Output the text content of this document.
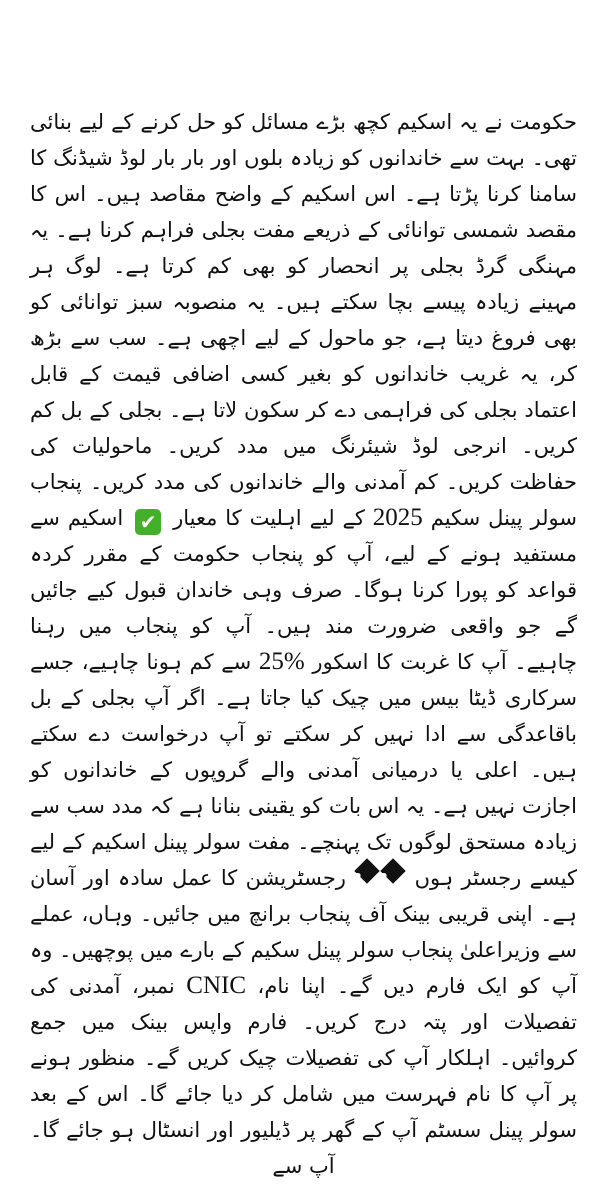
حکومت نے یہ اسکیم کچھ بڑے مسائل کو حل کرنے کے لیے بنائی تھی۔ بہت سے خاندانوں کو زیادہ بلوں اور بار بار لوڈ شیڈنگ کا سامنا کرنا پڑتا ہے۔ اس اسکیم کے واضح مقاصد ہیں۔ اس کا مقصد شمسی توانائی کے ذریعے مفت بجلی فراہم کرنا ہے۔ یہ مہنگی گرڈ بجلی پر انحصار کو بھی کم کرتا ہے۔ لوگ ہر مہینے زیادہ پیسے بچا سکتے ہیں۔ یہ منصوبہ سبز توانائی کو بھی فروغ دیتا ہے، جو ماحول کے لیے اچھی ہے۔ سب سے بڑھ کر، یہ غریب خاندانوں کو بغیر کسی اضافی قیمت کے قابل اعتماد بجلی کی فراہمی دے کر سکون لاتا ہے۔ بجلی کے بل کم کریں۔ انرجی لوڈ شیئرنگ میں مدد کریں۔ ماحولیات کی حفاظت کریں۔ کم آمدنی والے خاندانوں کی مدد کریں۔ پنجاب سولر پینل سکیم 2025 کے لیے اہلیت کا معیار ✔ اسکیم سے مستفید ہونے کے لیے، آپ کو پنجاب حکومت کے مقرر کردہ قواعد کو پورا کرنا ہوگا۔ صرف وہی خاندان قبول کیے جائیں گے جو واقعی ضرورت مند ہیں۔ آپ کو پنجاب میں رہنا چاہیے۔ آپ کا غربت کا اسکور 25% سے کم ہونا چاہیے، جسے سرکاری ڈیٹا بیس میں چیک کیا جاتا ہے۔ اگر آپ بجلی کے بل باقاعدگی سے ادا نہیں کر سکتے تو آپ درخواست دے سکتے ہیں۔ اعلی یا درمیانی آمدنی والے گروپوں کے خاندانوں کو اجازت نہیں ہے۔ یہ اس بات کو یقینی بنانا ہے کہ مدد سب سے زیادہ مستحق لوگوں تک پہنچے۔ مفت سولر پینل اسکیم کے لیے کیسے رجسٹر ہوں ?? رجسٹریشن کا عمل سادہ اور آسان ہے۔ اپنی قریبی بینک آف پنجاب برانچ میں جائیں۔ وہاں، عملے سے وزیراعلیٰ پنجاب سولر پینل سکیم کے بارے میں پوچھیں۔ وہ آپ کو ایک فارم دیں گے۔ اپنا نام، CNIC نمبر، آمدنی کی تفصیلات اور پتہ درج کریں۔ فارم واپس بینک میں جمع کروائیں۔ اہلکار آپ کی تفصیلات چیک کریں گے۔ منظور ہونے پر آپ کا نام فہرست میں شامل کر دیا جائے گا۔ اس کے بعد سولر پینل سسٹم آپ کے گھر پر ڈیلیور اور انسٹال ہو جائے گا۔ آپ سے
